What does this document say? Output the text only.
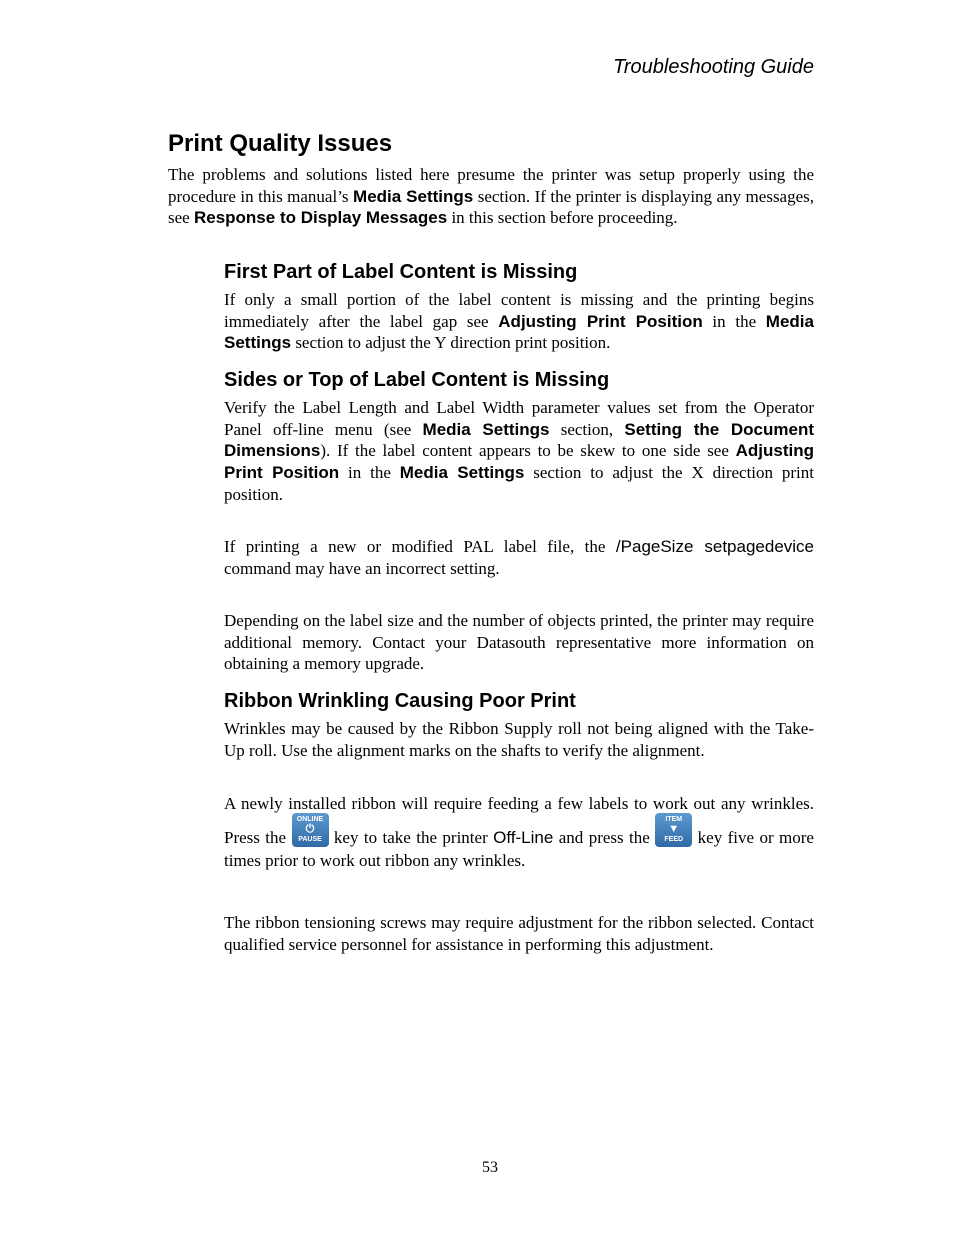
Troubleshooting Guide
Print Quality Issues

The problems and solutions listed here presume the printer was setup properly using the procedure in this manual’s Media Settings section. If the printer is displaying any messages, see Response to Display Messages in this section before proceeding.

First Part of Label Content is Missing

If only a small portion of the label content is missing and the printing begins immediately after the label gap see Adjusting Print Position in the Media Settings section to adjust the Y direction print position.

Sides or Top of Label Content is Missing

Verify the Label Length and Label Width parameter values set from the Operator Panel off-line menu (see Media Settings section, Setting the Document Dimensions). If the label content appears to be skew to one side see Adjusting Print Position in the Media Settings section to adjust the X direction print position.

If printing a new or modified PAL label file, the /PageSize setpagedevice command may have an incorrect setting.

Depending on the label size and the number of objects printed, the printer may require additional memory. Contact your Datasouth representative more information on obtaining a memory upgrade.

Ribbon Wrinkling Causing Poor Print

Wrinkles may be caused by the Ribbon Supply roll not being aligned with the Take-Up roll. Use the alignment marks on the shafts to verify the alignment.

A newly installed ribbon will require feeding a few labels to work out any wrinkles. Press the
ONLINE
⏻
PAUSE key to take the printer Off-Line and press the
ITEM
▼
FEED key five or more times prior to work out ribbon any wrinkles.

The ribbon tensioning screws may require adjustment for the ribbon selected. Contact qualified service personnel for assistance in performing this adjustment.

53
